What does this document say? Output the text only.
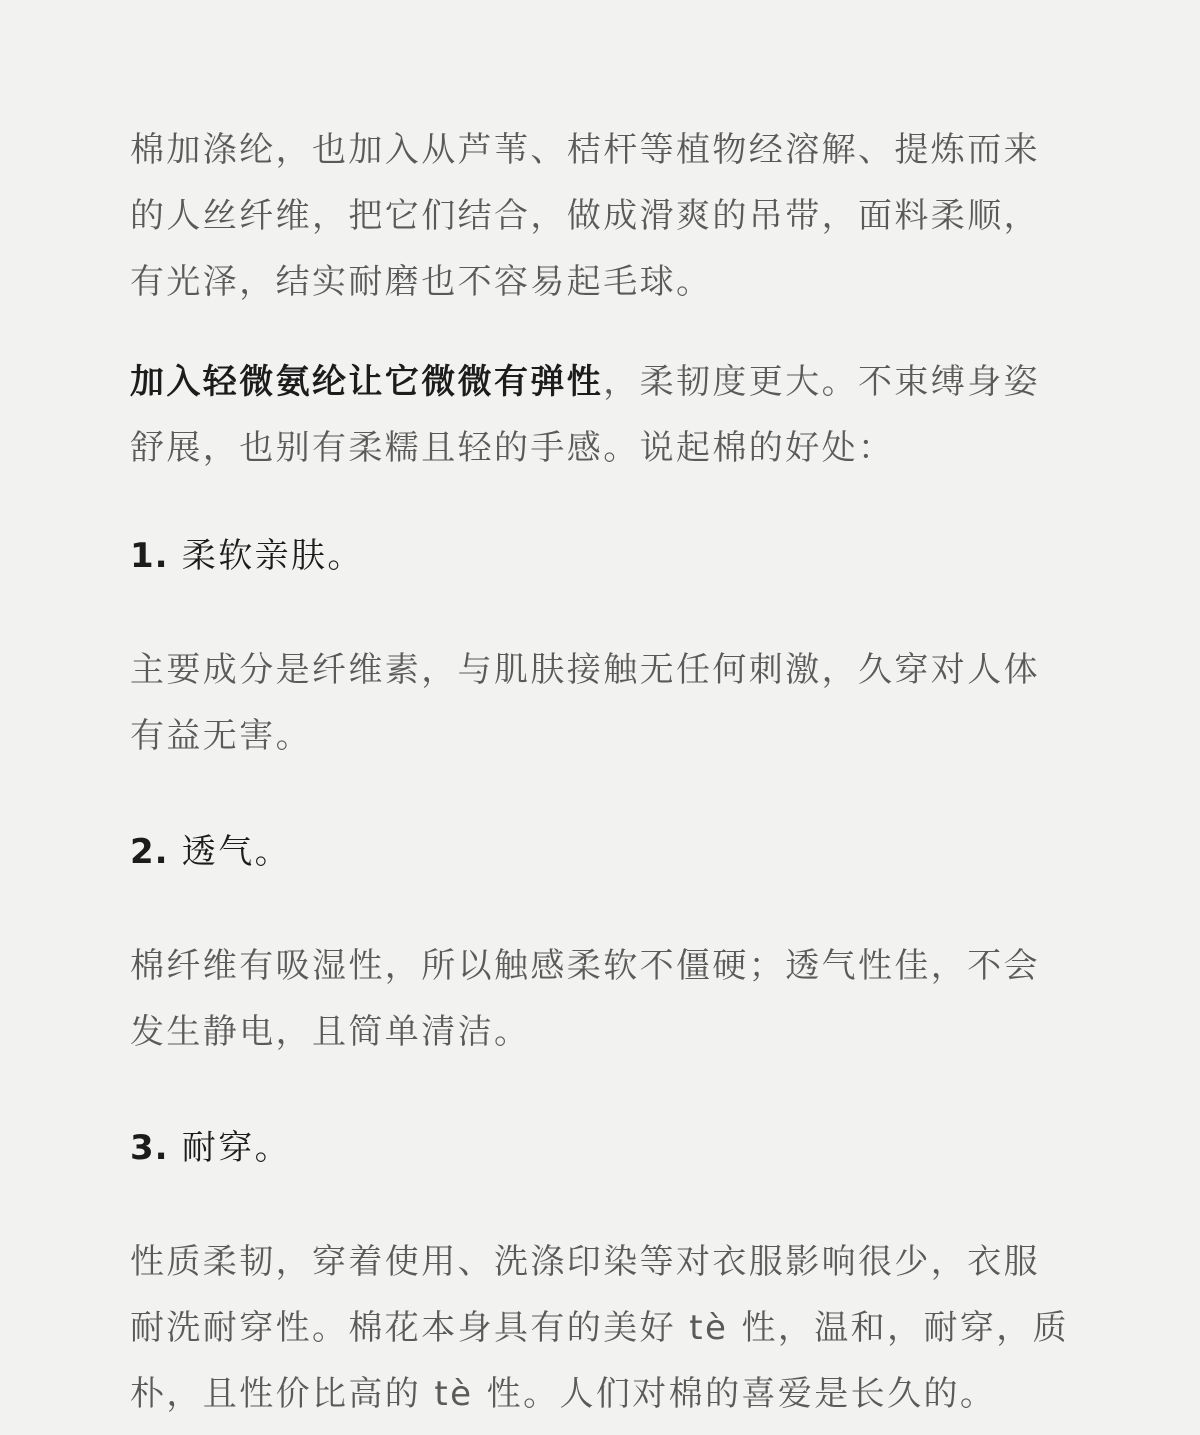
棉加涤纶，也加入从芦苇、桔杆等植物经溶解、提炼而来的人丝纤维，把它们结合，做成滑爽的吊带，面料柔顺，有光泽，结实耐磨也不容易起毛球。

加入轻微氨纶让它微微有弹性，柔韧度更大。不束缚身姿舒展，也别有柔糯且轻的手感。说起棉的好处：

1. 柔软亲肤。

主要成分是纤维素，与肌肤接触无任何刺激，久穿对人体有益无害。

2. 透气。

棉纤维有吸湿性，所以触感柔软不僵硬；透气性佳，不会发生静电，且简单清洁。

3. 耐穿。

性质柔韧，穿着使用、洗涤印染等对衣服影响很少，衣服耐洗耐穿性。棉花本身具有的美好 tè 性，温和，耐穿，质朴，且性价比高的 tè 性。人们对棉的喜爱是长久的。
